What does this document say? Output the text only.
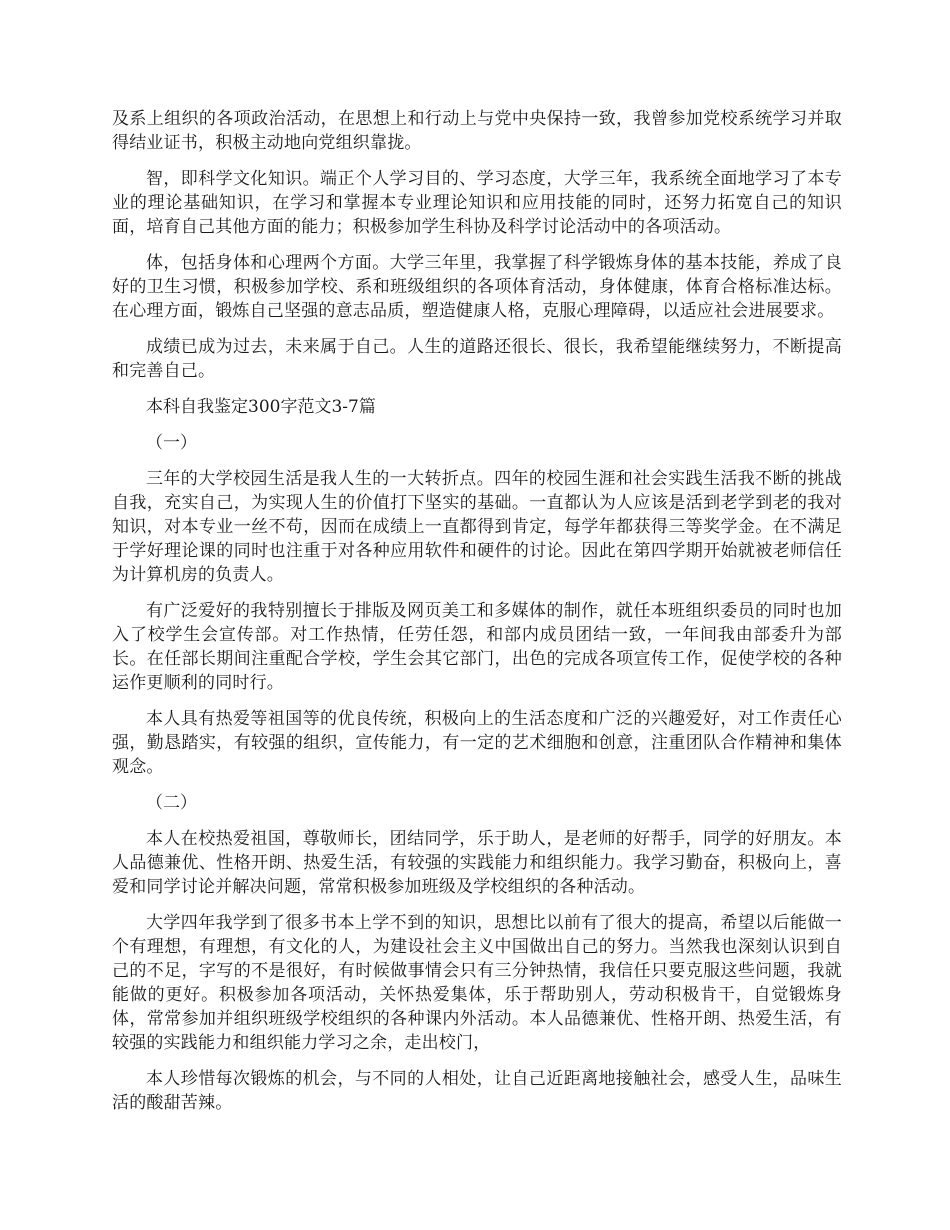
及系上组织的各项政治活动，在思想上和行动上与党中央保持一致，我曾参加党校系统学习并取得结业证书，积极主动地向党组织靠拢。

智，即科学文化知识。端正个人学习目的、学习态度，大学三年，我系统全面地学习了本专业的理论基础知识，在学习和掌握本专业理论知识和应用技能的同时，还努力拓宽自己的知识面，培育自己其他方面的能力；积极参加学生科协及科学讨论活动中的各项活动。

体，包括身体和心理两个方面。大学三年里，我掌握了科学锻炼身体的基本技能，养成了良好的卫生习惯，积极参加学校、系和班级组织的各项体育活动，身体健康，体育合格标准达标。在心理方面，锻炼自己坚强的意志品质，塑造健康人格，克服心理障碍，以适应社会进展要求。

成绩已成为过去，未来属于自己。人生的道路还很长、很长，我希望能继续努力，不断提高和完善自己。

本科自我鉴定300字范文3-7篇

（一）

三年的大学校园生活是我人生的一大转折点。四年的校园生涯和社会实践生活我不断的挑战自我，充实自己，为实现人生的价值打下坚实的基础。一直都认为人应该是活到老学到老的我对知识，对本专业一丝不苟，因而在成绩上一直都得到肯定，每学年都获得三等奖学金。在不满足于学好理论课的同时也注重于对各种应用软件和硬件的讨论。因此在第四学期开始就被老师信任为计算机房的负责人。

有广泛爱好的我特别擅长于排版及网页美工和多媒体的制作，就任本班组织委员的同时也加入了校学生会宣传部。对工作热情，任劳任怨，和部内成员团结一致，一年间我由部委升为部长。在任部长期间注重配合学校，学生会其它部门，出色的完成各项宣传工作，促使学校的各种运作更顺利的同时行。

本人具有热爱等祖国等的优良传统，积极向上的生活态度和广泛的兴趣爱好，对工作责任心强，勤恳踏实，有较强的组织，宣传能力，有一定的艺术细胞和创意，注重团队合作精神和集体观念。

（二）

本人在校热爱祖国，尊敬师长，团结同学，乐于助人，是老师的好帮手，同学的好朋友。本人品德兼优、性格开朗、热爱生活，有较强的实践能力和组织能力。我学习勤奋，积极向上，喜爱和同学讨论并解决问题，常常积极参加班级及学校组织的各种活动。

大学四年我学到了很多书本上学不到的知识，思想比以前有了很大的提高，希望以后能做一个有理想，有理想，有文化的人，为建设社会主义中国做出自己的努力。当然我也深刻认识到自己的不足，字写的不是很好，有时候做事情会只有三分钟热情，我信任只要克服这些问题，我就能做的更好。积极参加各项活动，关怀热爱集体，乐于帮助别人，劳动积极肯干，自觉锻炼身体，常常参加并组织班级学校组织的各种课内外活动。本人品德兼优、性格开朗、热爱生活，有较强的实践能力和组织能力学习之余，走出校门，

本人珍惜每次锻炼的机会，与不同的人相处，让自己近距离地接触社会，感受人生，品味生活的酸甜苦辣。
